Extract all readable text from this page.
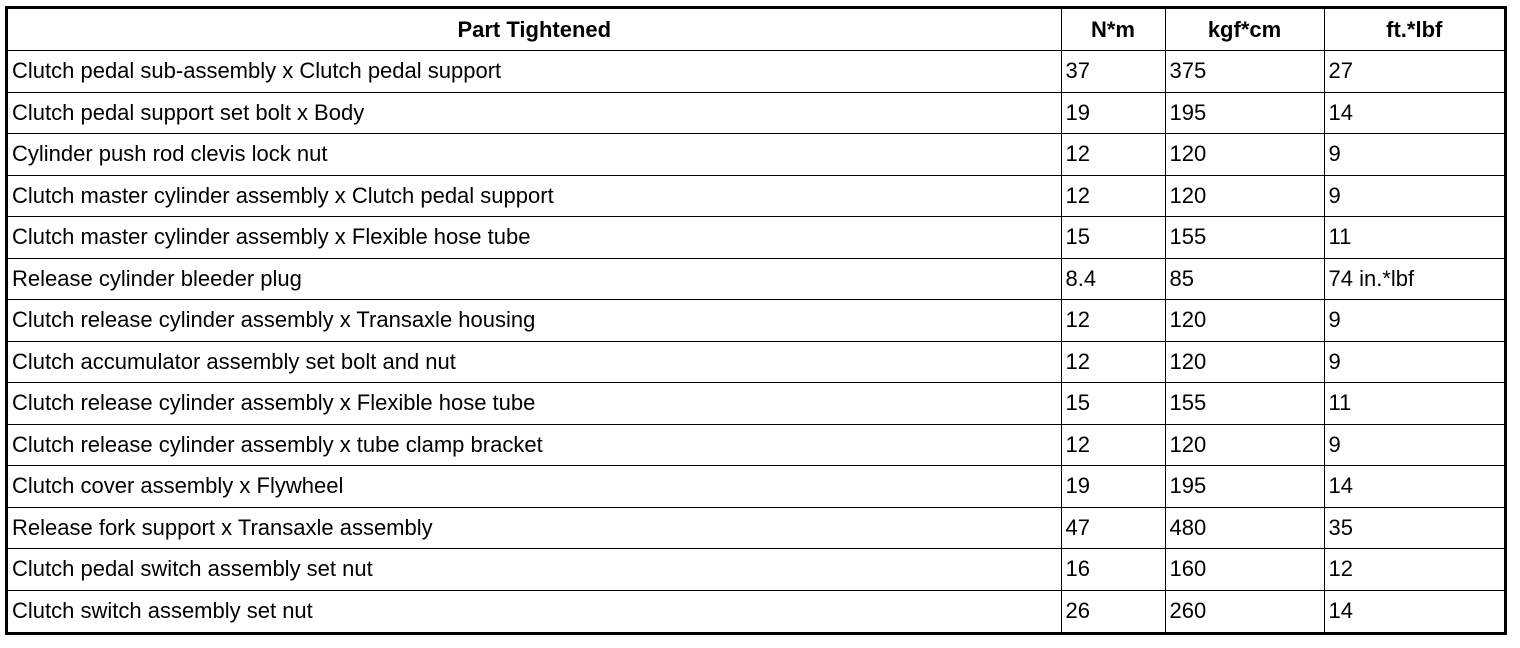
Part Tightened	N*m	kgf*cm	ft.*lbf
Clutch pedal sub-assembly x Clutch pedal support	37	375	27
Clutch pedal support set bolt x Body	19	195	14
Cylinder push rod clevis lock nut	12	120	9
Clutch master cylinder assembly x Clutch pedal support	12	120	9
Clutch master cylinder assembly x Flexible hose tube	15	155	11
Release cylinder bleeder plug	8.4	85	74 in.*lbf
Clutch release cylinder assembly x Transaxle housing	12	120	9
Clutch accumulator assembly set bolt and nut	12	120	9
Clutch release cylinder assembly x Flexible hose tube	15	155	11
Clutch release cylinder assembly x tube clamp bracket	12	120	9
Clutch cover assembly x Flywheel	19	195	14
Release fork support x Transaxle assembly	47	480	35
Clutch pedal switch assembly set nut	16	160	12
Clutch switch assembly set nut	26	260	14
